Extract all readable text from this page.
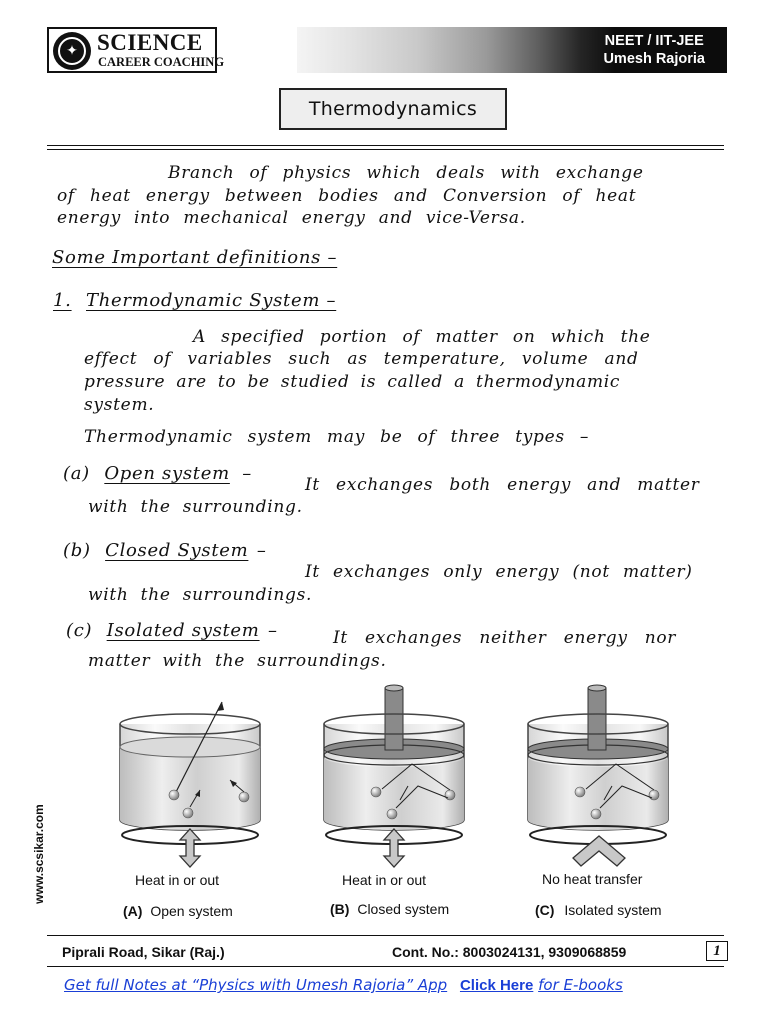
✦ SCIENCE
CAREER COACHING
NEET / IIT-JEE
Umesh Rajoria
Thermodynamics
Branch of physics which deals with exchange
of heat energy between bodies and Conversion of heat
energy into mechanical energy and vice-Versa.
Some Important definitions –
1. Thermodynamic System –
A specified portion of matter on which the
effect of variables such as temperature, volume and
pressure are to be studied is called a thermodynamic
system.
Thermodynamic system may be of three types –
(a) Open system –
It exchanges both energy and matter
with the surrounding.
(b) Closed System –
It exchanges only energy (not matter)
with the surroundings.
(c) Isolated system –	It exchanges neither energy nor
matter with the surroundings.
www.scsikar.com	Heat in or out	Heat in or out	No heat transfer
(A) Open system	(B) Closed system	(C) Isolated system
Piprali Road, Sikar (Raj.)	Cont. No.: 8003024131, 9309068859	1
Get full Notes at “Physics with Umesh Rajoria” App Click Here for E-books
